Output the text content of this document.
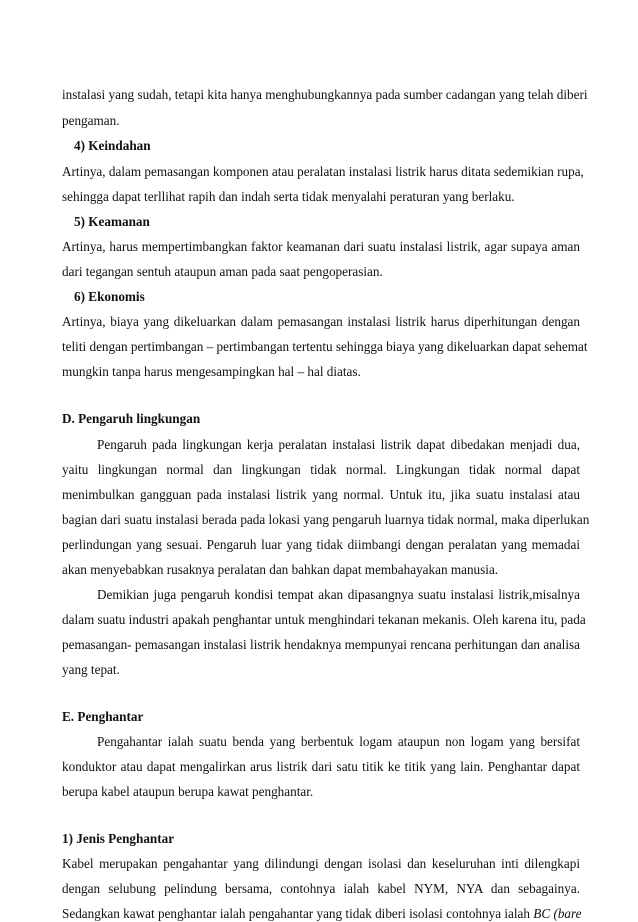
instalasi yang sudah, tetapi kita hanya menghubungkannya pada sumber cadangan yang telah diberi
pengaman.
4) Keindahan
Artinya, dalam pemasangan komponen atau peralatan instalasi listrik harus ditata sedemikian rupa,
sehingga dapat terllihat rapih dan indah serta tidak menyalahi peraturan yang berlaku.
5) Keamanan
Artinya, harus mempertimbangkan faktor keamanan dari suatu instalasi listrik, agar supaya aman
dari tegangan sentuh ataupun aman pada saat pengoperasian.
6) Ekonomis
Artinya, biaya yang dikeluarkan dalam pemasangan instalasi listrik harus diperhitungan dengan
teliti dengan pertimbangan – pertimbangan tertentu sehingga biaya yang dikeluarkan dapat sehemat
mungkin tanpa harus mengesampingkan hal – hal diatas.
D. Pengaruh lingkungan
Pengaruh pada lingkungan kerja peralatan instalasi listrik dapat dibedakan menjadi dua,
yaitu lingkungan normal dan lingkungan tidak normal. Lingkungan tidak normal dapat
menimbulkan gangguan pada instalasi listrik yang normal. Untuk itu, jika suatu instalasi atau
bagian dari suatu instalasi berada pada lokasi yang pengaruh luarnya tidak normal, maka diperlukan
perlindungan yang sesuai. Pengaruh luar yang tidak diimbangi dengan peralatan yang memadai
akan menyebabkan rusaknya peralatan dan bahkan dapat membahayakan manusia.
Demikian juga pengaruh kondisi tempat akan dipasangnya suatu instalasi listrik,misalnya
dalam suatu industri apakah penghantar untuk menghindari tekanan mekanis. Oleh karena itu, pada
pemasangan- pemasangan instalasi listrik hendaknya mempunyai rencana perhitungan dan analisa
yang tepat.
E. Penghantar
Pengahantar ialah suatu benda yang berbentuk logam ataupun non logam yang bersifat
konduktor atau dapat mengalirkan arus listrik dari satu titik ke titik yang lain. Penghantar dapat
berupa kabel ataupun berupa kawat penghantar.
1) Jenis Penghantar
Kabel merupakan pengahantar yang dilindungi dengan isolasi dan keseluruhan inti dilengkapi
dengan selubung pelindung bersama, contohnya ialah kabel NYM, NYA dan sebagainya.
Sedangkan kawat penghantar ialah pengahantar yang tidak diberi isolasi contohnya ialah BC (bare
